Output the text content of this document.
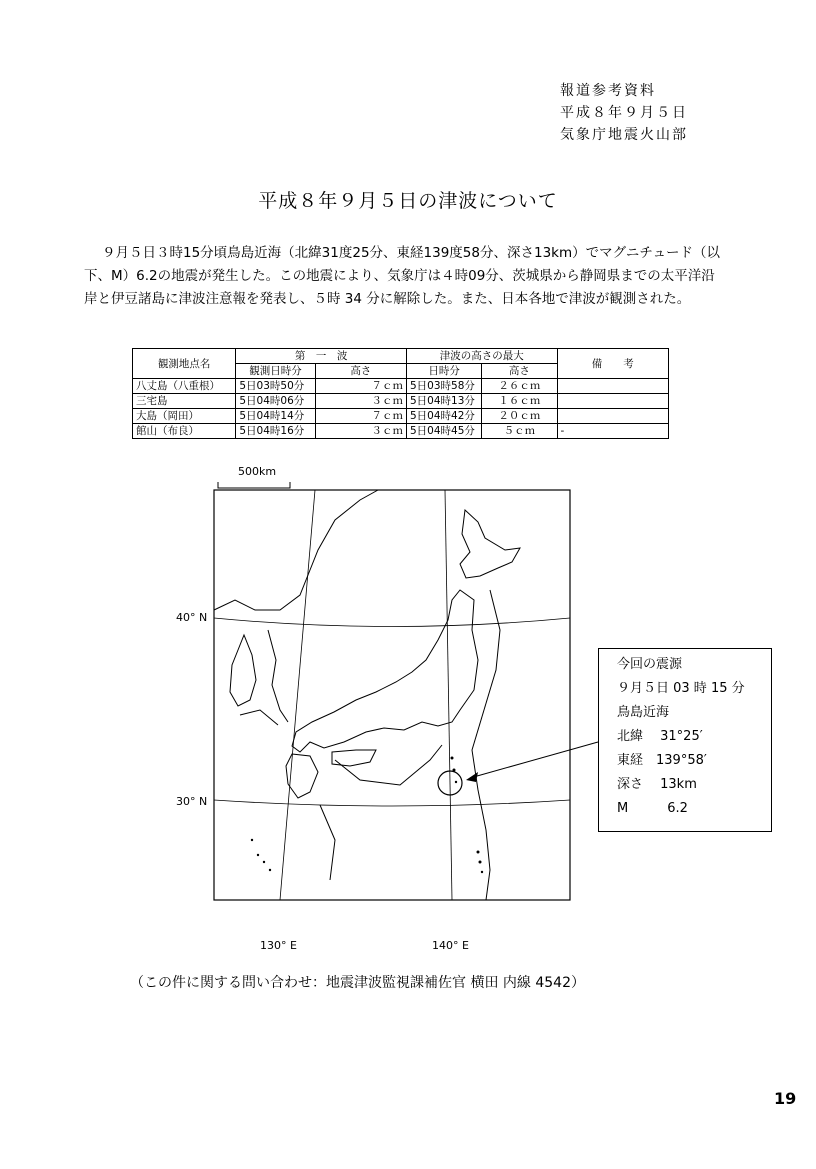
報道参考資料
平成８年９月５日
気象庁地震火山部
平成８年９月５日の津波について
９月５日３時15分頃鳥島近海（北緯31度25分、東経139度58分、深さ13km）でマグニチュード（以下、M）6.2の地震が発生した。この地震により、気象庁は４時09分、茨城県から静岡県までの太平洋沿岸と伊豆諸島に津波注意報を発表し、５時 34 分に解除した。また、日本各地で津波が観測された。
観測地点名	第　一　波		津波の高さの最大		備　　考
	観測日時分	高さ	日時分	高さ	
八丈島（八重根）	5日03時50分	７ｃｍ	5日03時58分	２６ｃｍ	
三宅島	5日04時06分	３ｃｍ	5日04時13分	１６ｃｍ	
大島（岡田）	5日04時14分	７ｃｍ	5日04時42分	２０ｃｍ	
館山（布良）	5日04時16分	３ｃｍ	5日04時45分	５ｃｍ	-
500km
40° N
30° N
130° E	140° E
今回の震源
９月５日 03 時 15 分
鳥島近海
北緯　 31°25′
東経　139°58′
深さ　 13km
M　　　6.2
（この件に関する問い合わせ：地震津波監視課補佐官 横田 内線 4542）
19
